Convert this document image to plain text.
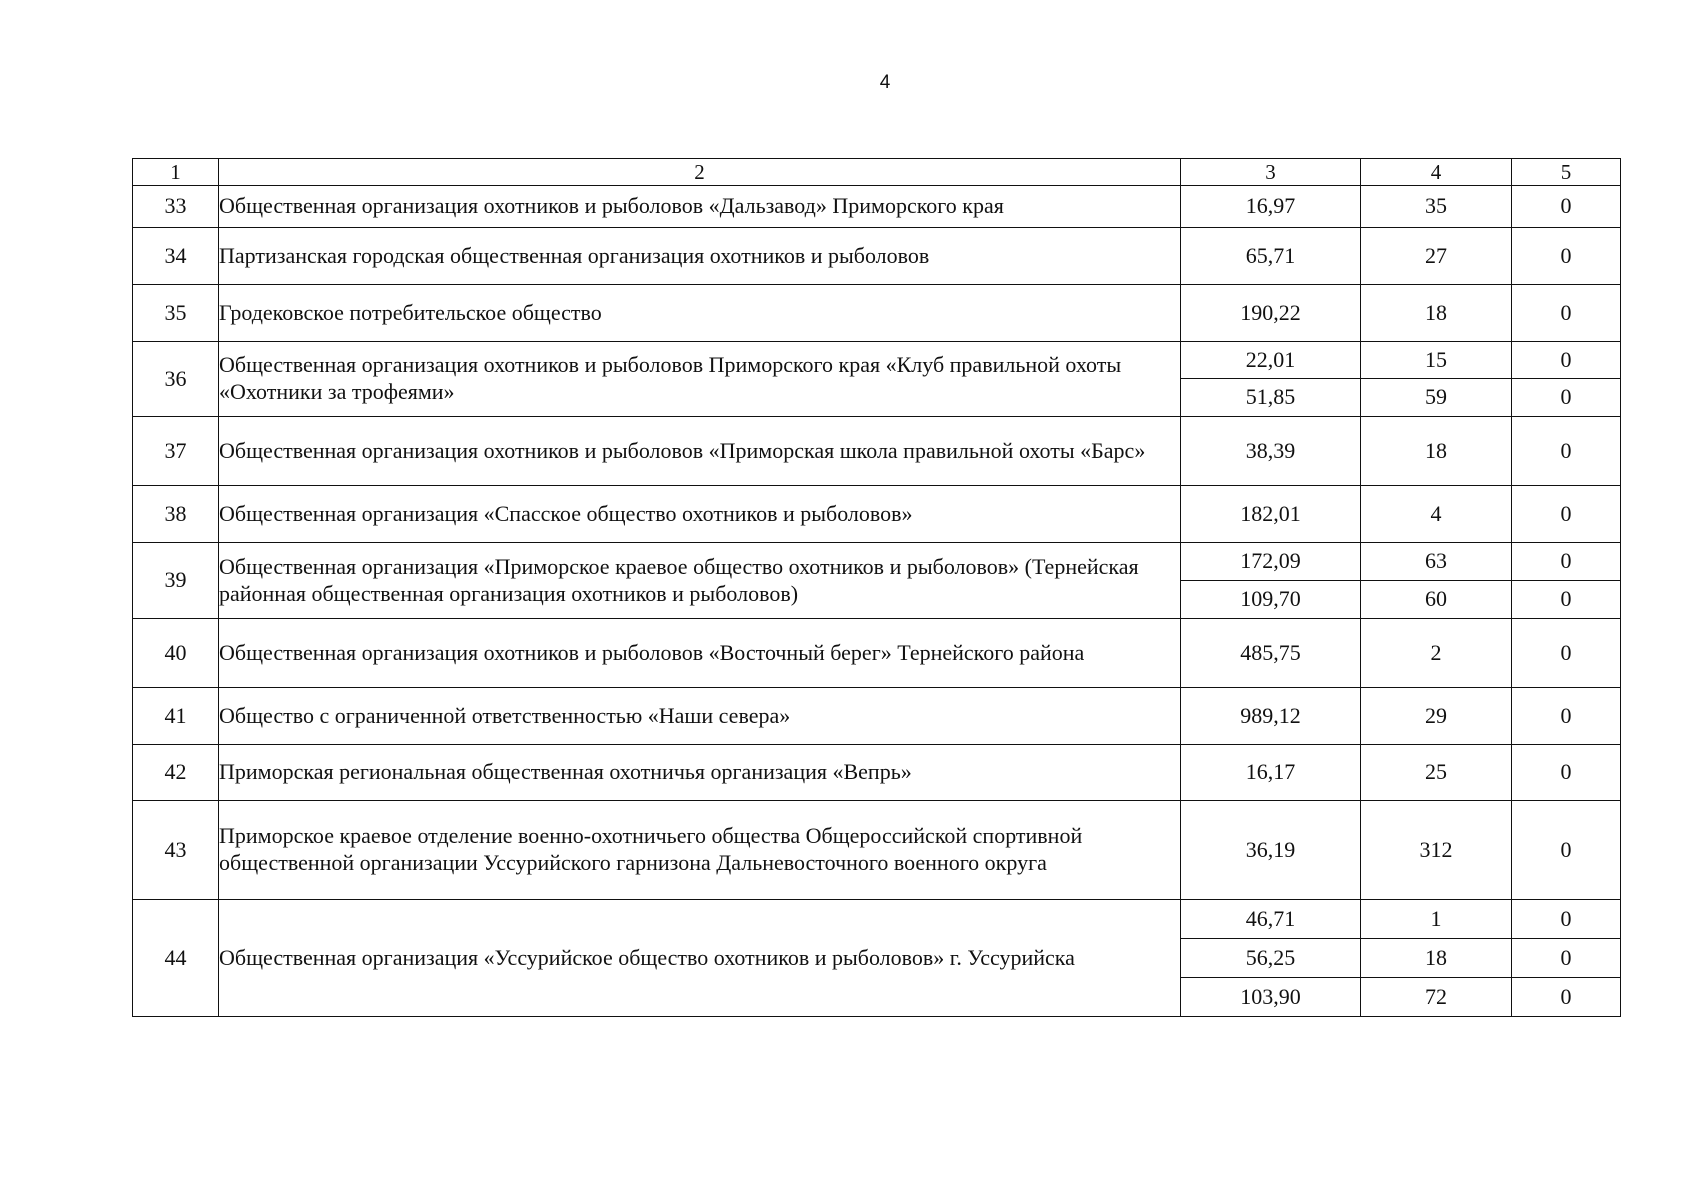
4
1	2	3	4	5
33	Общественная организация охотников и рыболовов «Дальзавод» Приморского края	16,97	35	0
34	Партизанская городская общественная организация охотников и рыболовов	65,71	27	0
35	Гродековское потребительское общество	190,22	18	0
36	Общественная организация охотников и рыболовов Приморского края «Клуб правильной охоты «Охотники за трофеями»	22,01	15	0
		51,85	59	0
37	Общественная организация охотников и рыболовов «Приморская школа правильной охоты «Барс»	38,39	18	0
38	Общественная организация «Спасское общество охотников и рыболовов»	182,01	4	0
39	Общественная организация «Приморское краевое общество охотников и рыболовов» (Тернейская районная общественная организация охотников и рыболовов)	172,09	63	0
		109,70	60	0
40	Общественная организация охотников и рыболовов «Восточный берег» Тернейского района	485,75	2	0
41	Общество с ограниченной ответственностью «Наши севера»	989,12	29	0
42	Приморская региональная общественная охотничья организация «Вепрь»	16,17	25	0
43	Приморское краевое отделение военно-охотничьего общества Общероссийской спортивной общественной организации Уссурийского гарнизона Дальневосточного военного округа	36,19	312	0
44	Общественная организация «Уссурийское общество охотников и рыболовов» г. Уссурийска	46,71	1	0
		56,25	18	0
		103,90	72	0
